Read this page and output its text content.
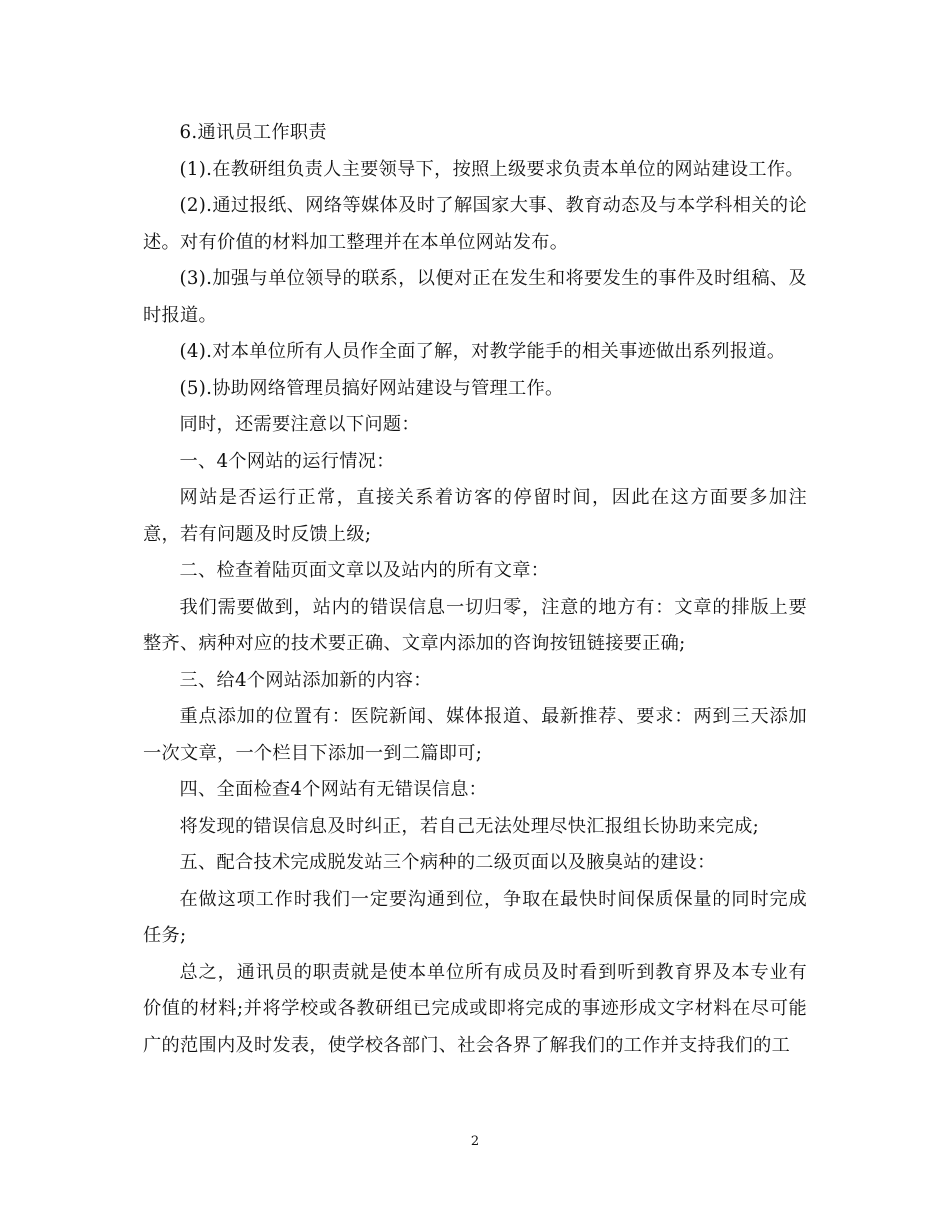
6.通讯员工作职责

(1).在教研组负责人主要领导下，按照上级要求负责本单位的网站建设工作。

(2).通过报纸、网络等媒体及时了解国家大事、教育动态及与本学科相关的论述。对有价值的材料加工整理并在本单位网站发布。

(3).加强与单位领导的联系，以便对正在发生和将要发生的事件及时组稿、及时报道。

(4).对本单位所有人员作全面了解，对教学能手的相关事迹做出系列报道。

(5).协助网络管理员搞好网站建设与管理工作。

同时，还需要注意以下问题：

一、4个网站的运行情况：

网站是否运行正常，直接关系着访客的停留时间，因此在这方面要多加注意，若有问题及时反馈上级;

二、检查着陆页面文章以及站内的所有文章：

我们需要做到，站内的错误信息一切归零，注意的地方有：文章的排版上要整齐、病种对应的技术要正确、文章内添加的咨询按钮链接要正确;

三、给4个网站添加新的内容：

重点添加的位置有：医院新闻、媒体报道、最新推荐、要求：两到三天添加一次文章，一个栏目下添加一到二篇即可;

四、全面检查4个网站有无错误信息：

将发现的错误信息及时纠正，若自己无法处理尽快汇报组长协助来完成;

五、配合技术完成脱发站三个病种的二级页面以及腋臭站的建设：

在做这项工作时我们一定要沟通到位，争取在最快时间保质保量的同时完成任务;

总之，通讯员的职责就是使本单位所有成员及时看到听到教育界及本专业有价值的材料;并将学校或各教研组已完成或即将完成的事迹形成文字材料在尽可能广的范围内及时发表，使学校各部门、社会各界了解我们的工作并支持我们的工

2
